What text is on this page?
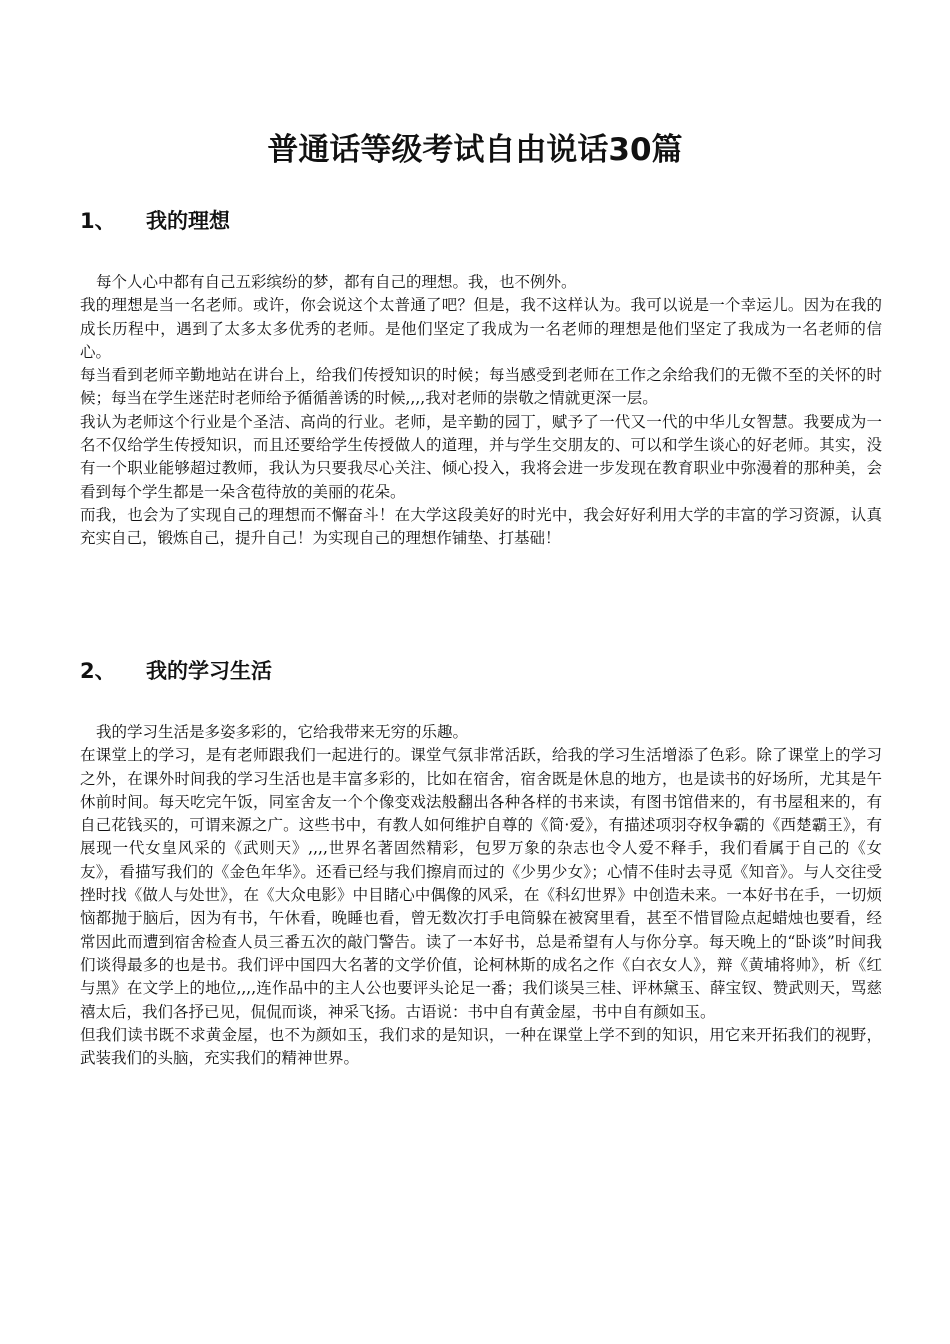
普通话等级考试自由说话30篇
1、 我的理想

每个人心中都有自己五彩缤纷的梦，都有自己的理想。我，也不例外。

我的理想是当一名老师。或许，你会说这个太普通了吧？但是，我不这样认为。我可以说是一个幸运儿。因为在我的成长历程中，遇到了太多太多优秀的老师。是他们坚定了我成为一名老师的理想是他们坚定了我成为一名老师的信心。

每当看到老师辛勤地站在讲台上，给我们传授知识的时候；每当感受到老师在工作之余给我们的无微不至的关怀的时候；每当在学生迷茫时老师给予循循善诱的时候,,,,我对老师的崇敬之情就更深一层。

我认为老师这个行业是个圣洁、高尚的行业。老师，是辛勤的园丁，赋予了一代又一代的中华儿女智慧。我要成为一名不仅给学生传授知识，而且还要给学生传授做人的道理，并与学生交朋友的、可以和学生谈心的好老师。其实，没有一个职业能够超过教师，我认为只要我尽心关注、倾心投入，我将会进一步发现在教育职业中弥漫着的那种美，会看到每个学生都是一朵含苞待放的美丽的花朵。

而我，也会为了实现自己的理想而不懈奋斗！在大学这段美好的时光中，我会好好利用大学的丰富的学习资源，认真充实自己，锻炼自己，提升自己！为实现自己的理想作铺垫、打基础！

2、 我的学习生活

我的学习生活是多姿多彩的，它给我带来无穷的乐趣。

在课堂上的学习，是有老师跟我们一起进行的。课堂气氛非常活跃，给我的学习生活增添了色彩。除了课堂上的学习之外，在课外时间我的学习生活也是丰富多彩的，比如在宿舍，宿舍既是休息的地方，也是读书的好场所，尤其是午休前时间。每天吃完午饭，同室舍友一个个像变戏法般翻出各种各样的书来读，有图书馆借来的，有书屋租来的，有自己花钱买的，可谓来源之广。这些书中，有教人如何维护自尊的《简·爱》，有描述项羽夺权争霸的《西楚霸王》，有展现一代女皇风采的《武则天》,,,,世界名著固然精彩，包罗万象的杂志也令人爱不释手，我们看属于自己的《女友》，看描写我们的《金色年华》。还看已经与我们擦肩而过的《少男少女》；心情不佳时去寻觅《知音》。与人交往受挫时找《做人与处世》，在《大众电影》中目睹心中偶像的风采，在《科幻世界》中创造未来。一本好书在手，一切烦恼都抛于脑后，因为有书，午休看，晚睡也看，曾无数次打手电筒躲在被窝里看，甚至不惜冒险点起蜡烛也要看，经常因此而遭到宿舍检查人员三番五次的敲门警告。读了一本好书，总是希望有人与你分享。每天晚上的“卧谈”时间我们谈得最多的也是书。我们评中国四大名著的文学价值，论柯林斯的成名之作《白衣女人》，辩《黄埔将帅》，析《红与黑》在文学上的地位,,,,连作品中的主人公也要评头论足一番；我们谈吴三桂、评林黛玉、薛宝钗、赞武则天，骂慈禧太后，我们各抒已见，侃侃而谈，神采飞扬。古语说：书中自有黄金屋，书中自有颜如玉。

但我们读书既不求黄金屋，也不为颜如玉，我们求的是知识，一种在课堂上学不到的知识，用它来开拓我们的视野，武装我们的头脑，充实我们的精神世界。
